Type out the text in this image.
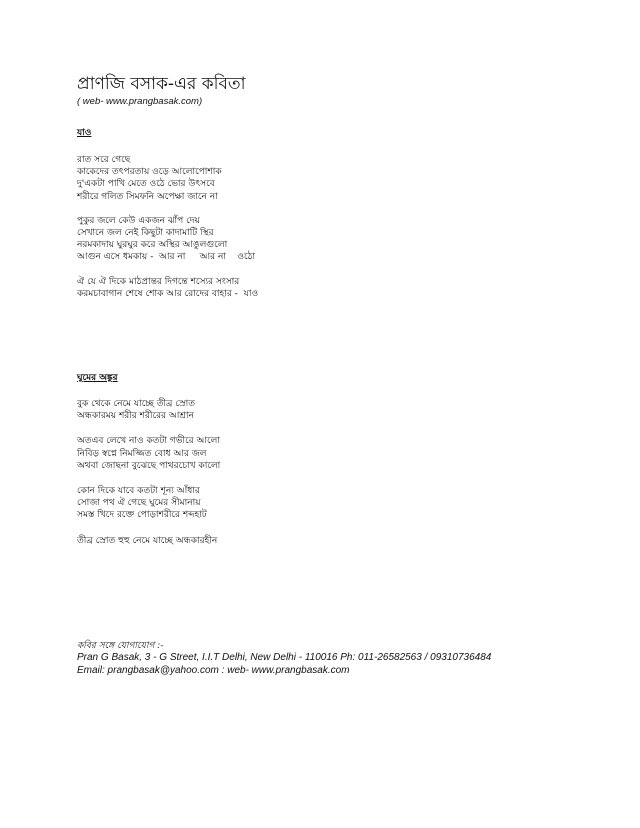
প্রাণজি বসাক-এর কবিতা
( web- www.prangbasak.com)
যাও
রাত সরে গেছে
কাকেদের তৎপরতায় ওড়ে আলোপোশাক
দু'একটা পাখি মেতে ওঠে ভোর উৎসবে
শরীরে গলিত সিমফনি অপেক্ষা জানে না
পুকুর জলে কেউ একজন ঝাঁপ দেয়
সেখানে জল নেই কিছুটা কাদামাটি স্থির
নরমকাদায় ঘুরঘুর করে অস্থির আঙুলগুলো
আগুন এসে ধমকায় -  আর না     আর না    ওঠো
ঐ যে ঐ দিকে মাঠপ্রান্তর দিগন্তে শস্যের সংসার
করমচাবাগান শেষে শোক আর রোদের বাহার -  যাও
ঘুমের অঙ্কুর
বুক থেকে নেমে যাচ্ছে তীব্র স্রোত
অন্ধকারময় শরীর শরীরের আশ্রান
অতএব লেখে নাও কতটা গভীরে আলো
নিবিড় স্বপ্নে নিমজ্জিত বোধ আর জল
অথবা জোছনা বুঝেছে পাথরচোখ কালো
কোন দিকে যাবে কতটা শূন্য আঁধার
সোজা পথ ঐ গেছে ঘুমের সীমানায়
সমস্ত খিদে রক্তে পোড়াশরীরে শব্দহাট
তীব্র স্রোত হুহু নেমে যাচ্ছে অন্ধকারহীন
কবির সঙ্গে যোগাযোগ :-
Pran G Basak, 3 - G Street, I.I.T Delhi, New Delhi - 110016 Ph: 011-26582563 / 09310736484
Email: prangbasak@yahoo.com : web- www.prangbasak.com
